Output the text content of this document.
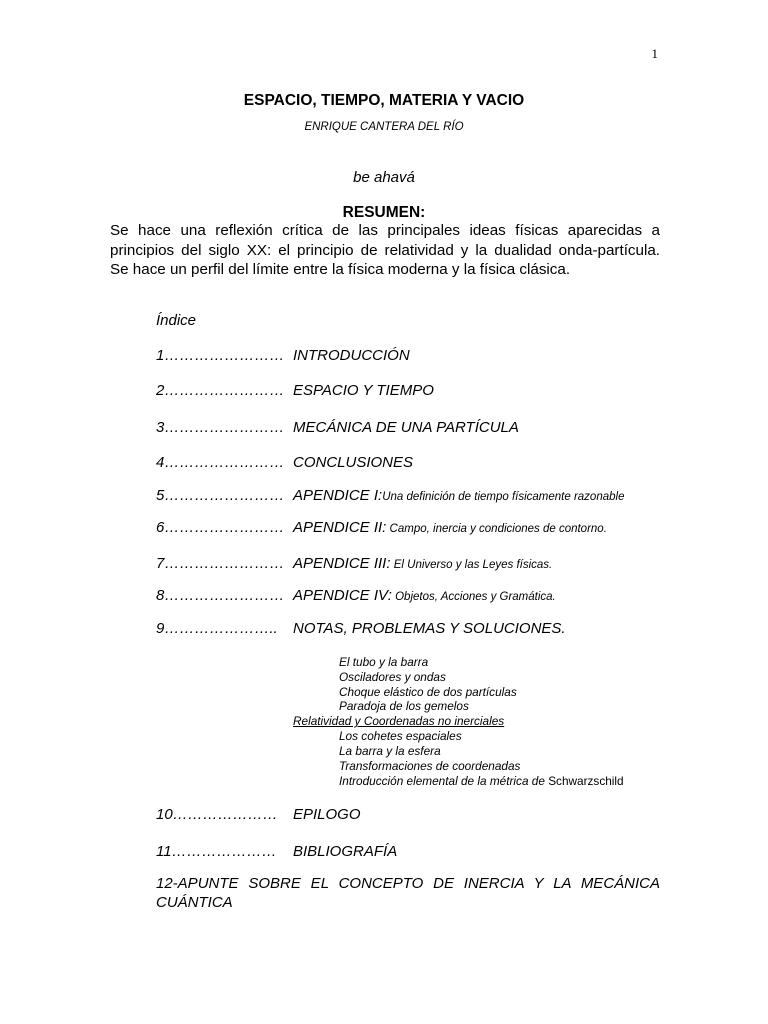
1
ESPACIO, TIEMPO, MATERIA Y VACIO
ENRIQUE CANTERA DEL RÍO
be ahavá
RESUMEN:
Se hace una reflexión crítica de las principales ideas físicas aparecidas a
principios del siglo XX: el principio de relatividad y la dualidad onda-partícula.
Se hace un perfil del límite entre la física moderna y la física clásica.
Índice
1…………………… INTRODUCCIÓN
2…………………… ESPACIO Y TIEMPO
3…………………… MECÁNICA DE UNA PARTÍCULA
4…………………… CONCLUSIONES
5…………………… APENDICE I:Una definición de tiempo físicamente razonable
6…………………… APENDICE II: Campo, inercia y condiciones de contorno.
7…………………… APENDICE III: El Universo y las Leyes físicas.
8…………………… APENDICE IV: Objetos, Acciones y Gramática.
9………………….. NOTAS, PROBLEMAS Y SOLUCIONES.
El tubo y la barra
Osciladores y ondas
Choque elástico de dos partículas
Paradoja de los gemelos
Relatividad y Coordenadas no inerciales
Los cohetes espaciales
La barra y la esfera
Transformaciones de coordenadas
Introducción elemental de la métrica de Schwarzschild
10………………… EPILOGO
11………………… BIBLIOGRAFÍA
12-APUNTE SOBRE EL CONCEPTO DE INERCIA Y LA MECÁNICA
CUÁNTICA
